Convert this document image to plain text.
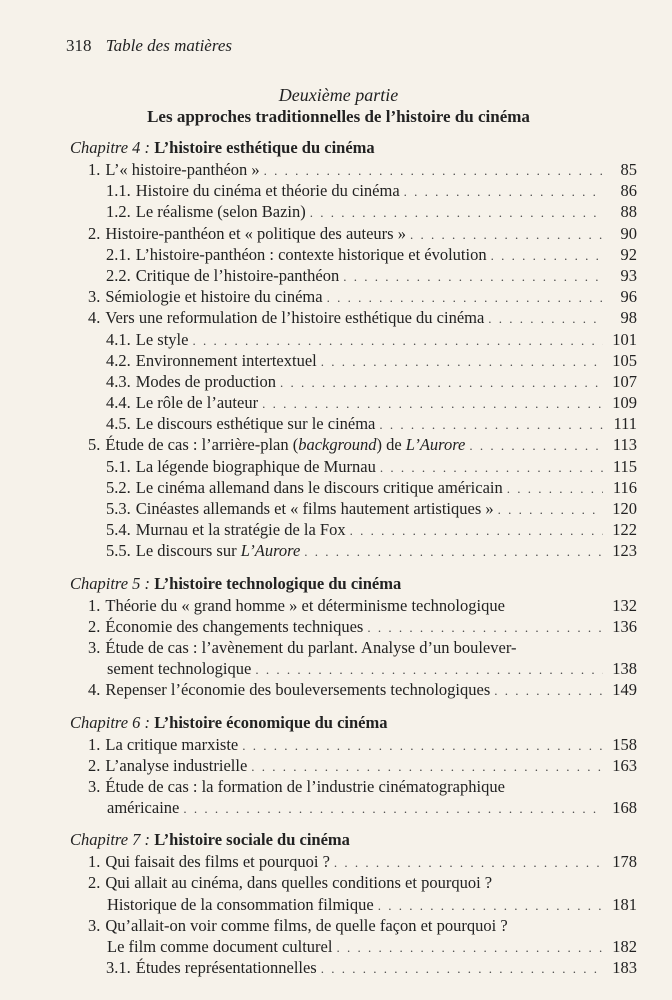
318 Table des matières
Deuxième partie
Les approches traditionnelles de l’histoire du cinéma
Chapitre 4 : L’histoire esthétique du cinéma
1. L’« histoire-panthéon » . . .	85
1.1. Histoire du cinéma et théorie du cinéma . . .	86
1.2. Le réalisme (selon Bazin) . . .	88
2. Histoire-panthéon et « politique des auteurs » . . .	90
2.1. L’histoire-panthéon : contexte historique et évolution . . .	92
2.2. Critique de l’histoire-panthéon . . .	93
3. Sémiologie et histoire du cinéma . . .	96
4. Vers une reformulation de l’histoire esthétique du cinéma . . .	98
4.1. Le style . . .	101
4.2. Environnement intertextuel . . .	105
4.3. Modes de production . . .	107
4.4. Le rôle de l’auteur . . .	109
4.5. Le discours esthétique sur le cinéma . . .	111
5. Étude de cas : l’arrière-plan (background) de L’Aurore . . .	113
5.1. La légende biographique de Murnau . . .	115
5.2. Le cinéma allemand dans le discours critique américain . . .	116
5.3. Cinéastes allemands et « films hautement artistiques » . . .	120
5.4. Murnau et la stratégie de la Fox . . .	122
5.5. Le discours sur L’Aurore . . .	123
Chapitre 5 : L’histoire technologique du cinéma
1. Théorie du « grand homme » et déterminisme technologique	132
2. Économie des changements techniques . . .	136
3. Étude de cas : l’avènement du parlant. Analyse d’un boulever-
sement technologique . . .	138
4. Repenser l’économie des bouleversements technologiques . . .	149
Chapitre 6 : L’histoire économique du cinéma
1. La critique marxiste . . .	158
2. L’analyse industrielle . . .	163
3. Étude de cas : la formation de l’industrie cinématographique
américaine . . .	168
Chapitre 7 : L’histoire sociale du cinéma
1. Qui faisait des films et pourquoi ? . . .	178
2. Qui allait au cinéma, dans quelles conditions et pourquoi ?
Historique de la consommation filmique . . .	181
3. Qu’allait-on voir comme films, de quelle façon et pourquoi ?
Le film comme document culturel . . .	182
3.1. Études représentationnelles . . .	183
